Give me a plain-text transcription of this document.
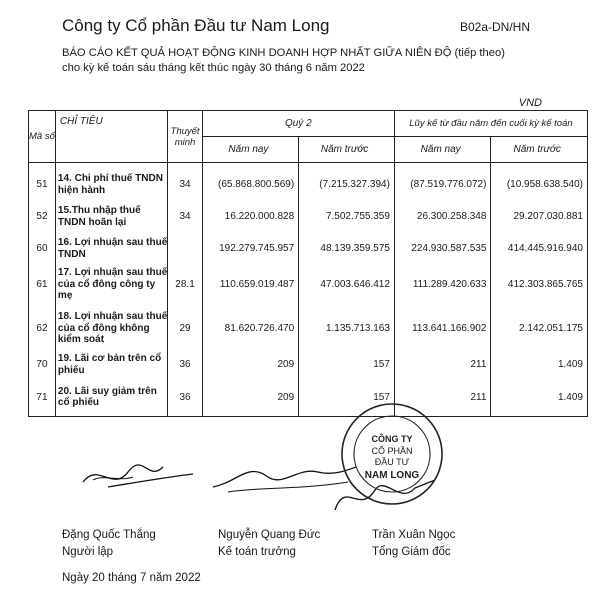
Công ty Cổ phần Đầu tư Nam Long	B02a-DN/HN
BÁO CÁO KẾT QUẢ HOẠT ĐỘNG KINH DOANH HỢP NHẤT GIỮA NIÊN ĐỘ (tiếp theo)
cho kỳ kế toán sáu tháng kết thúc ngày 30 tháng 6 năm 2022
VND
Mã số	CHỈ TIÊU	Thuyết minh	Quý 2		Lũy kế từ đầu năm đến cuối kỳ kế toán	
			Năm nay	Năm trước	Năm nay	Năm trước
51	14. Chi phí thuế TNDN hiện hành	34	(65.868.800.569)	(7.215.327.394)	(87.519.776.072)	(10.958.638.540)
52	15.Thu nhập thuế TNDN hoãn lại	34	16.220.000.828	7.502.755.359	26.300.258.348	29.207.030.881
60	16. Lợi nhuận sau thuế TNDN		192.279.745.957	48.139.359.575	224.930.587.535	414.445.916.940
61	17. Lợi nhuận sau thuế của cổ đông công ty mẹ	28.1	110.659.019.487	47.003.646.412	111.289.420.633	412.303.865.765
62	18. Lợi nhuận sau thuế của cổ đông không kiểm soát	29	81.620.726.470	1.135.713.163	113.641.166.902	2.142.051.175
70	19. Lãi cơ bản trên cổ phiếu	36	209	157	211	1.409
71	20. Lãi suy giảm trên cổ phiếu	36	209	157	211	1.409
CÔNG TY
CỔ PHẦN
ĐẦU TƯ
NAM LONG
Đặng Quốc Thắng
Người lập
Nguyễn Quang Đức
Kế toán trưởng
Trần Xuân Ngọc
Tổng Giám đốc
Ngày 20 tháng 7 năm 2022
